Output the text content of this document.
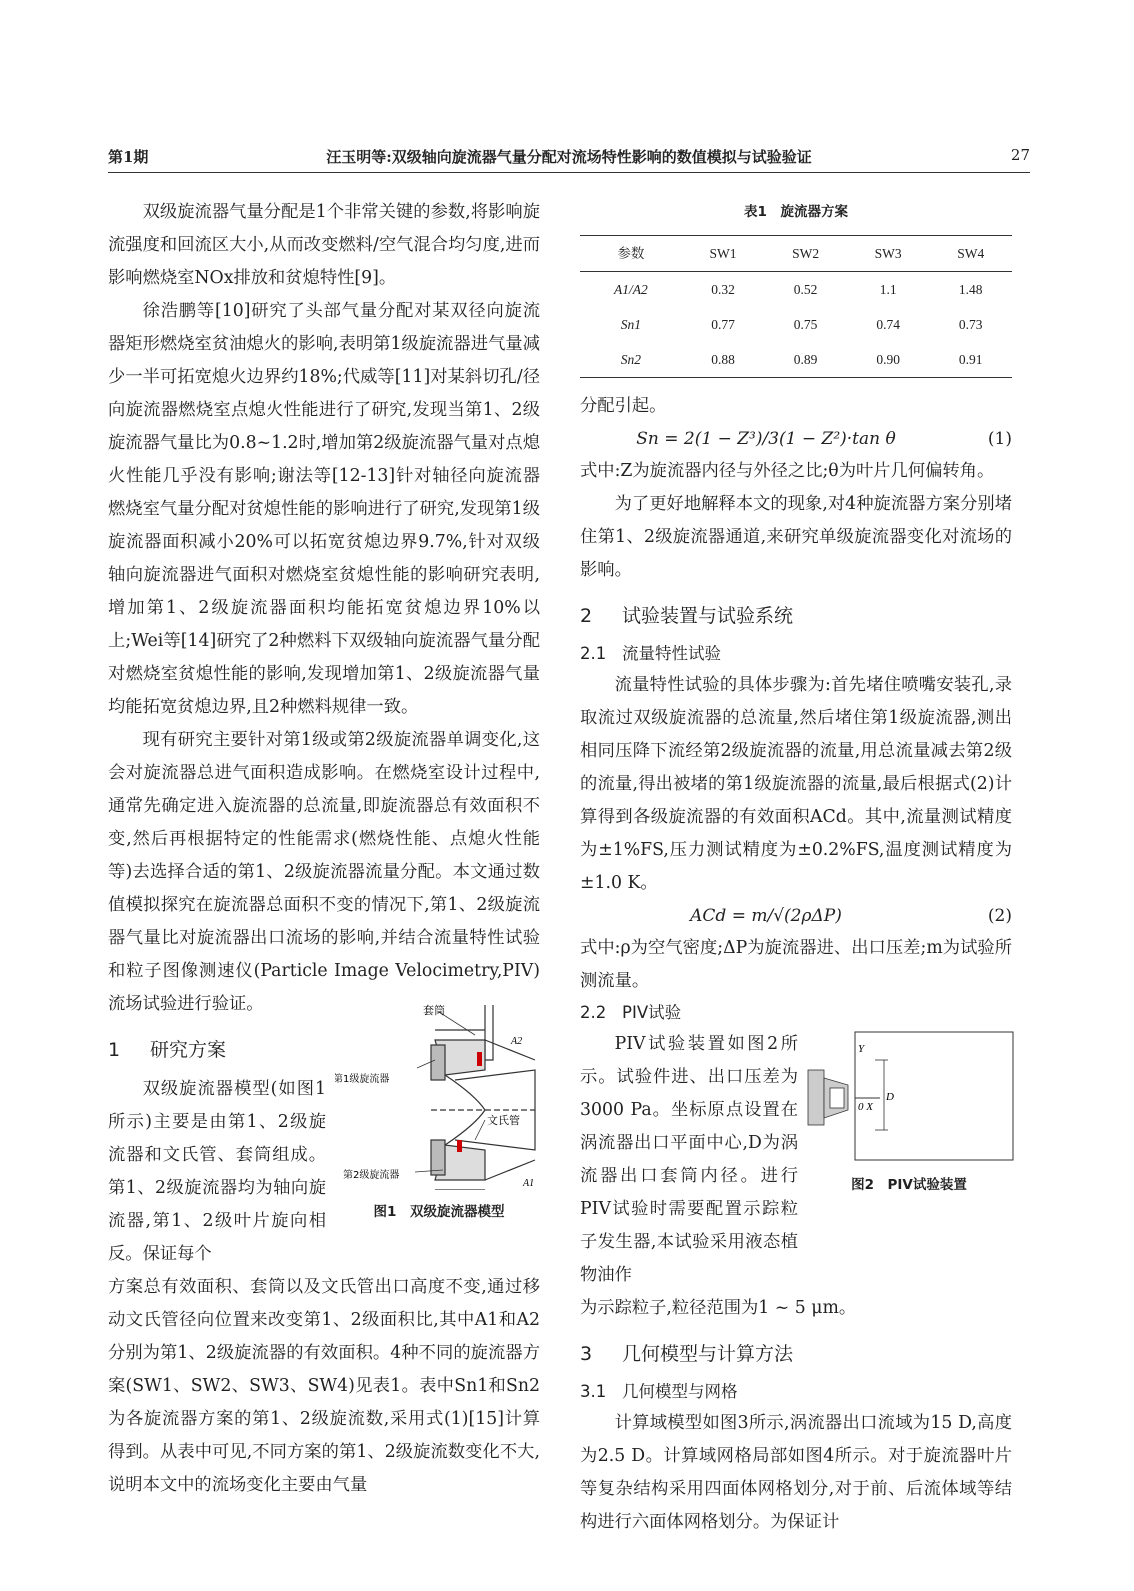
第1期	汪玉明等:双级轴向旋流器气量分配对流场特性影响的数值模拟与试验验证	27

双级旋流器气量分配是1个非常关键的参数,将影响旋流强度和回流区大小,从而改变燃料/空气混合均匀度,进而影响燃烧室NOx排放和贫熄特性[9]。

徐浩鹏等[10]研究了头部气量分配对某双径向旋流器矩形燃烧室贫油熄火的影响,表明第1级旋流器进气量减少一半可拓宽熄火边界约18%;代威等[11]对某斜切孔/径向旋流器燃烧室点熄火性能进行了研究,发现当第1、2级旋流器气量比为0.8~1.2时,增加第2级旋流器气量对点熄火性能几乎没有影响;谢法等[12-13]针对轴径向旋流器燃烧室气量分配对贫熄性能的影响进行了研究,发现第1级旋流器面积减小20%可以拓宽贫熄边界9.7%,针对双级轴向旋流器进气面积对燃烧室贫熄性能的影响研究表明,增加第1、2级旋流器面积均能拓宽贫熄边界10%以上;Wei等[14]研究了2种燃料下双级轴向旋流器气量分配对燃烧室贫熄性能的影响,发现增加第1、2级旋流器气量均能拓宽贫熄边界,且2种燃料规律一致。

现有研究主要针对第1级或第2级旋流器单调变化,这会对旋流器总进气面积造成影响。在燃烧室设计过程中,通常先确定进入旋流器的总流量,即旋流器总有效面积不变,然后再根据特定的性能需求(燃烧性能、点熄火性能等)去选择合适的第1、2级旋流器流量分配。本文通过数值模拟探究在旋流器总面积不变的情况下,第1、2级旋流器气量比对旋流器出口流场的影响,并结合流量特性试验和粒子图像测速仪(Particle Image Velocimetry,PIV)流场试验进行验证。

1 研究方案

双级旋流器模型(如图1所示)主要是由第1、2级旋流器和文氏管、套筒组成。第1、2级旋流器均为轴向旋流器,第1、2级叶片旋向相反。保证每个

方案总有效面积、套筒以及文氏管出口高度不变,通过移动文氏管径向位置来改变第1、2级面积比,其中A1和A2分别为第1、2级旋流器的有效面积。4种不同的旋流器方案(SW1、SW2、SW3、SW4)见表1。表中Sn1和Sn2为各旋流器方案的第1、2级旋流数,采用式(1)[15]计算得到。从表中可见,不同方案的第1、2级旋流数变化不大,说明本文中的流场变化主要由气量

套筒
A2
第1级旋流器
文氏管
第2级旋流器
A1
图1　双级旋流器模型
表1　旋流器方案
参数	SW1	SW2	SW3	SW4
A1/A2	0.32	0.52	1.1	1.48
Sn1	0.77	0.75	0.74	0.73
Sn2	0.88	0.89	0.90	0.91

分配引起。

Sn = 2(1 − Z³)/3(1 − Z²)·tan θ	(1)

式中:Z为旋流器内径与外径之比;θ为叶片几何偏转角。

为了更好地解释本文的现象,对4种旋流器方案分别堵住第1、2级旋流器通道,来研究单级旋流器变化对流场的影响。

2 试验装置与试验系统
2.1 流量特性试验

流量特性试验的具体步骤为:首先堵住喷嘴安装孔,录取流过双级旋流器的总流量,然后堵住第1级旋流器,测出相同压降下流经第2级旋流器的流量,用总流量减去第2级的流量,得出被堵的第1级旋流器的流量,最后根据式(2)计算得到各级旋流器的有效面积ACd。其中,流量测试精度为±1%FS,压力测试精度为±0.2%FS,温度测试精度为±1.0 K。

ACd = m/√(2ρΔP)	(2)

式中:ρ为空气密度;ΔP为旋流器进、出口压差;m为试验所测流量。

2.2 PIV试验

PIV试验装置如图2所示。试验件进、出口压差为3000 Pa。坐标原点设置在涡流器出口平面中心,D为涡流器出口套筒内径。进行PIV试验时需要配置示踪粒子发生器,本试验采用液态植物油作

为示踪粒子,粒径范围为1 ~ 5 μm。

3 几何模型与计算方法
3.1 几何模型与网格

计算域模型如图3所示,涡流器出口流域为15 D,高度为2.5 D。计算域网格局部如图4所示。对于旋流器叶片等复杂结构采用四面体网格划分,对于前、后流体域等结构进行六面体网格划分。为保证计

Y
0 X
D
图2　PIV试验装置
